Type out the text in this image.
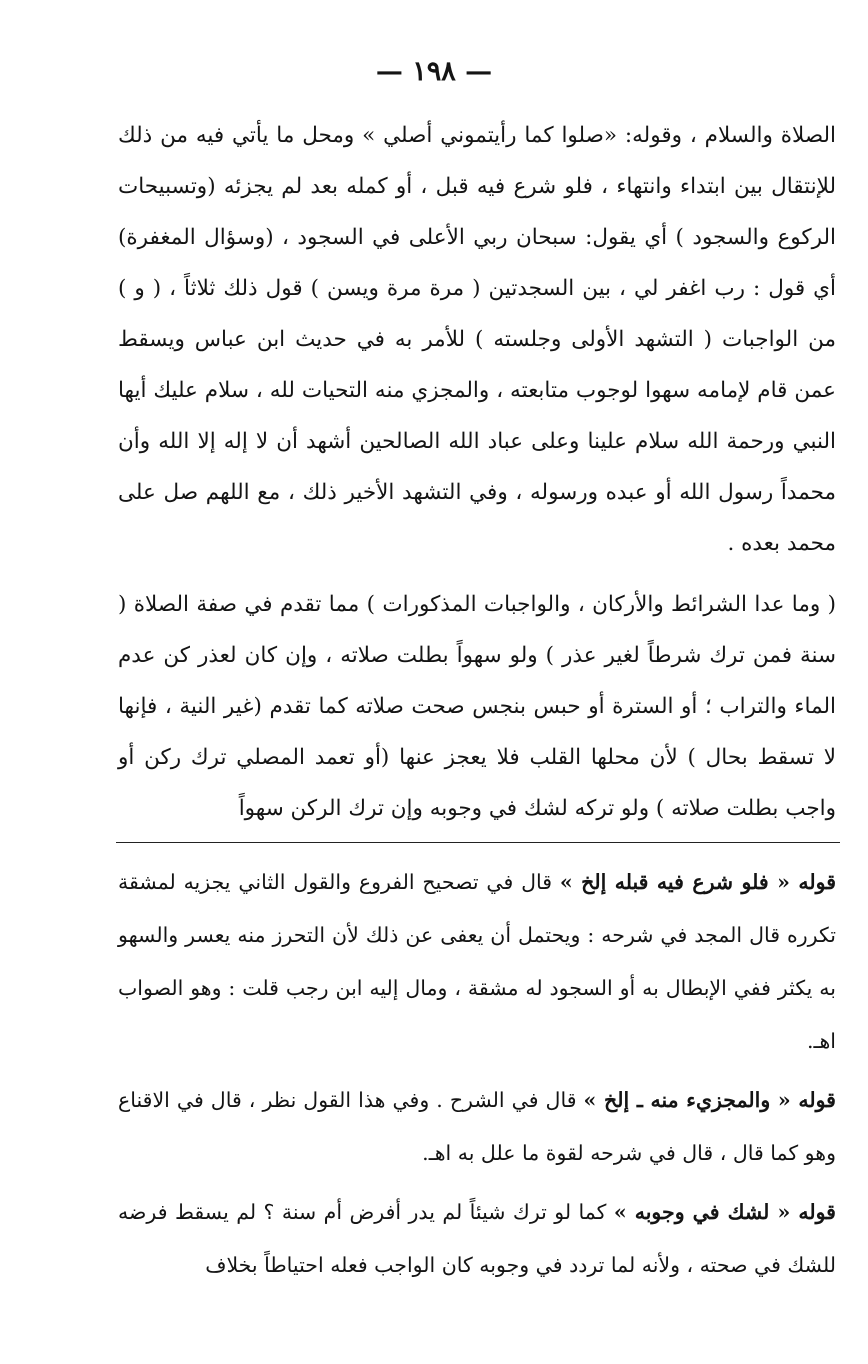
— ١٩٨ —

الصلاة والسلام ، وقوله: «صلوا كما رأيتموني أصلي » ومحل ما يأتي فيه من ذلك للإنتقال بين ابتداء وانتهاء ، فلو شرع فيه قبل ، أو كمله بعد لم يجزئه (وتسبيحات الركوع والسجود ) أي يقول: سبحان ربي الأعلى في السجود ، (وسؤال المغفرة) أي قول : رب اغفر لي ، بين السجدتين ( مرة مرة ويسن ) قول ذلك ثلاثاً ، ( و ) من الواجبات ( التشهد الأولى وجلسته ) للأمر به في حديث ابن عباس ويسقط عمن قام لإمامه سهوا لوجوب متابعته ، والمجزي منه التحيات لله ، سلام عليك أيها النبي ورحمة الله سلام علينا وعلى عباد الله الصالحين أشهد أن لا إله إلا الله وأن محمداً رسول الله أو عبده ورسوله ، وفي التشهد الأخير ذلك ، مع اللهم صل على محمد بعده .

( وما عدا الشرائط والأركان ، والواجبات المذكورات ) مما تقدم في صفة الصلاة ( سنة فمن ترك شرطاً لغير عذر ) ولو سهواً بطلت صلاته ، وإن كان لعذر كن عدم الماء والتراب ؛ أو السترة أو حبس بنجس صحت صلاته كما تقدم (غير النية ، فإنها لا تسقط بحال ) لأن محلها القلب فلا يعجز عنها (أو تعمد المصلي ترك ركن أو واجب بطلت صلاته ) ولو تركه لشك في وجوبه وإن ترك الركن سهواً

قوله « فلو شرع فيه قبله إلخ » قال في تصحيح الفروع والقول الثاني يجزيه لمشقة تكرره قال المجد في شرحه : ويحتمل أن يعفى عن ذلك لأن التحرز منه يعسر والسهو به يكثر ففي الإبطال به أو السجود له مشقة ، ومال إليه ابن رجب قلت : وهو الصواب اهـ.

قوله « والمجزيء منه ـ إلخ » قال في الشرح . وفي هذا القول نظر ، قال في الاقناع وهو كما قال ، قال في شرحه لقوة ما علل به اهـ.

قوله « لشك في وجوبه » كما لو ترك شيئاً لم يدر أفرض أم سنة ؟ لم يسقط فرضه للشك في صحته ، ولأنه لما تردد في وجوبه كان الواجب فعله احتياطاً بخلاف
